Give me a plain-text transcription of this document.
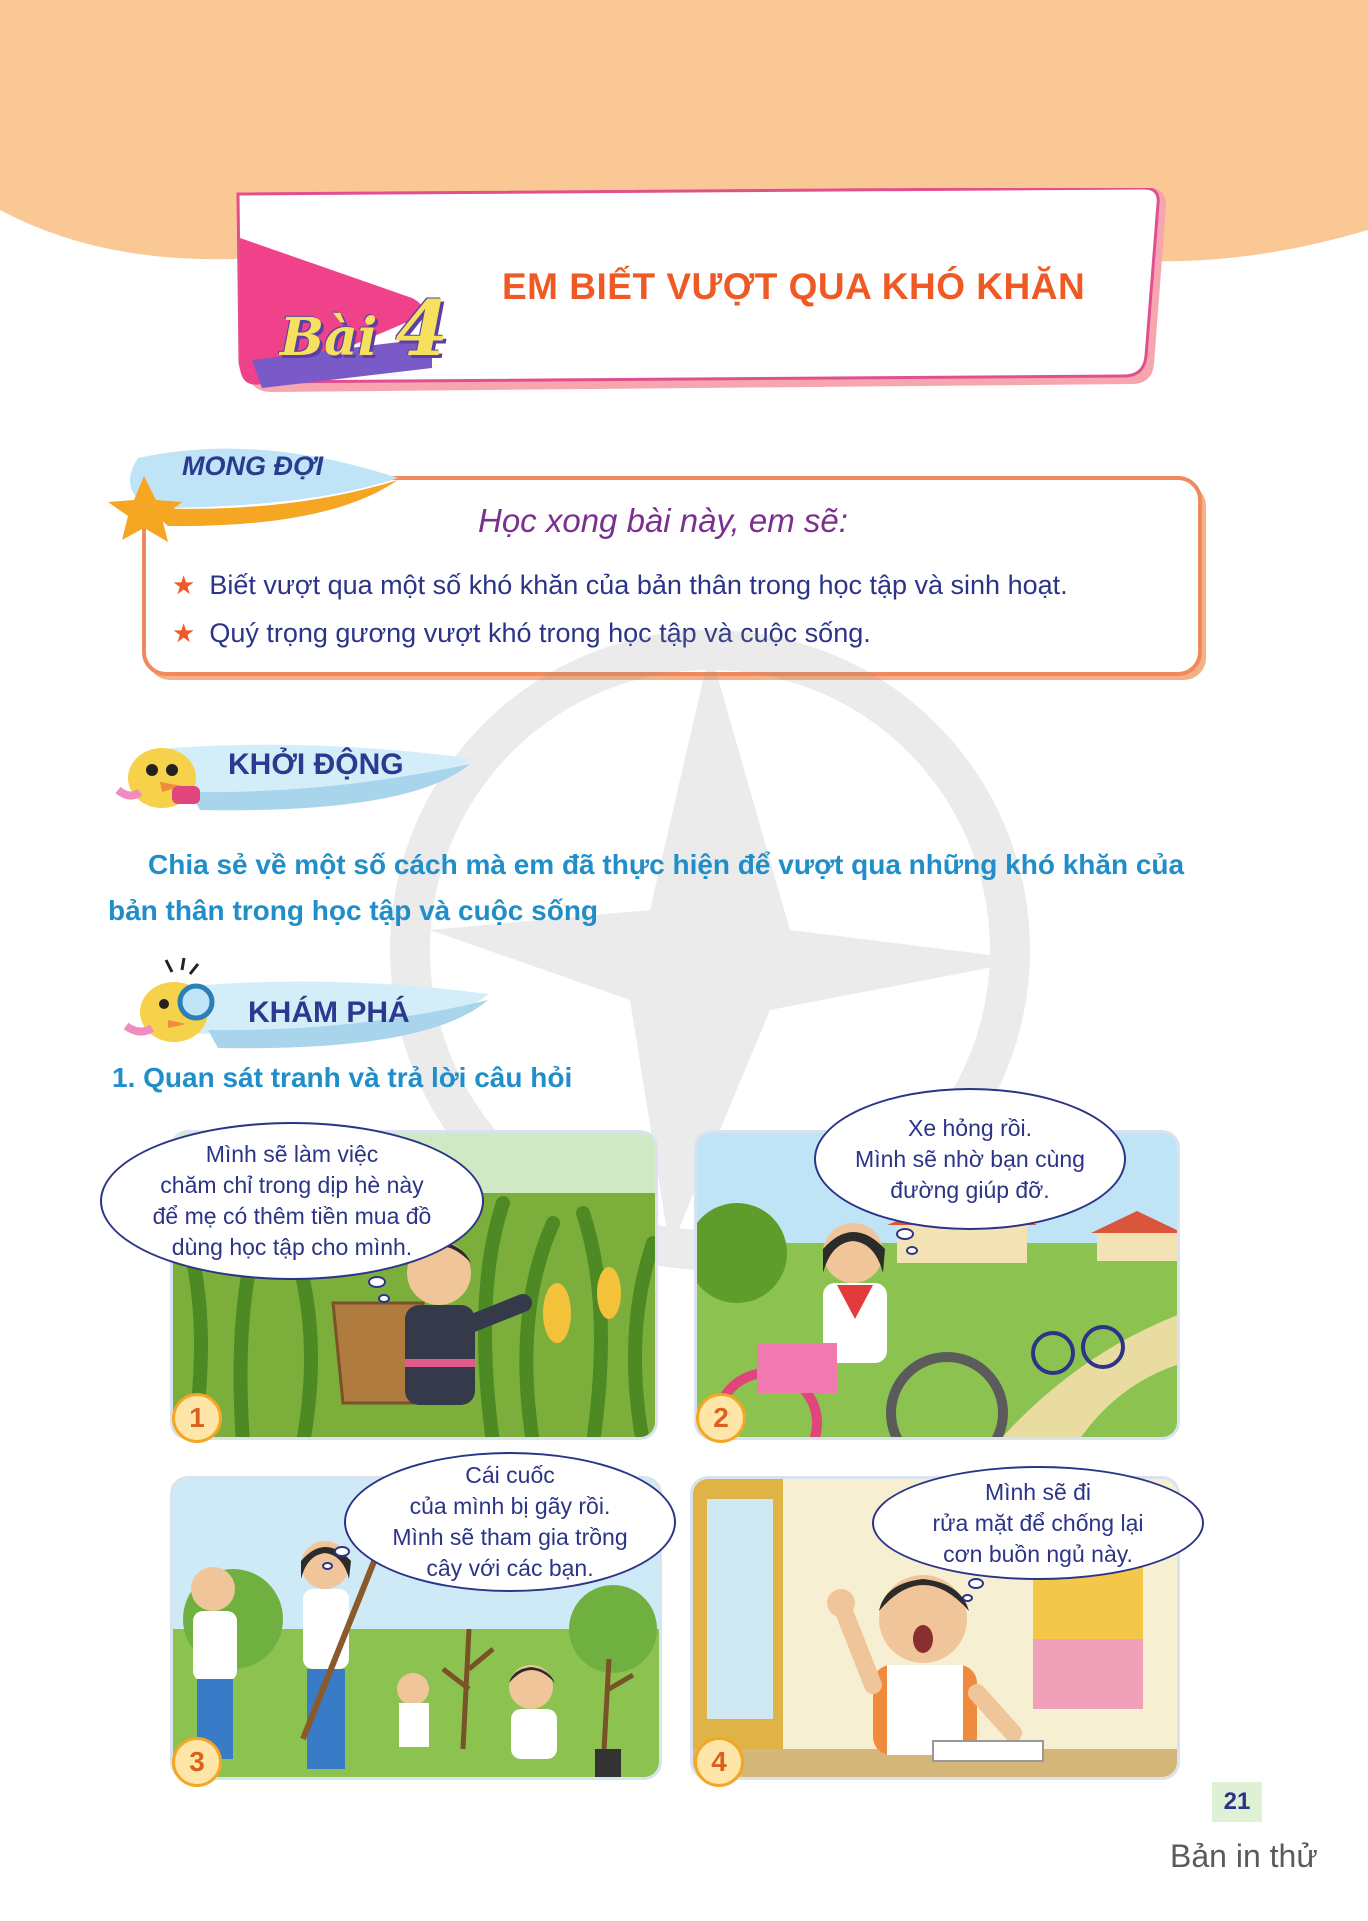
Bài 4 EM BIẾT VƯỢT QUA KHÓ KHĂN
MONG ĐỢI
Học xong bài này, em sẽ:
★ Biết vượt qua một số khó khăn của bản thân trong học tập và sinh hoạt.
★ Quý trọng gương vượt khó trong học tập và cuộc sống.
KHỞI ĐỘNG
Chia sẻ về một số cách mà em đã thực hiện để vượt qua những khó khăn của bản thân trong học tập và cuộc sống
KHÁM PHÁ
1. Quan sát tranh và trả lời câu hỏi
1
Mình sẽ làm việc
chăm chỉ trong dịp hè này
để mẹ có thêm tiền mua đồ
dùng học tập cho mình.
2
Xe hỏng rồi.
Mình sẽ nhờ bạn cùng
đường giúp đỡ.
3
Cái cuốc
của mình bị gãy rồi.
Mình sẽ tham gia trồng
cây với các bạn.
4
Mình sẽ đi
rửa mặt để chống lại
cơn buồn ngủ này.
21
Bản in thử
